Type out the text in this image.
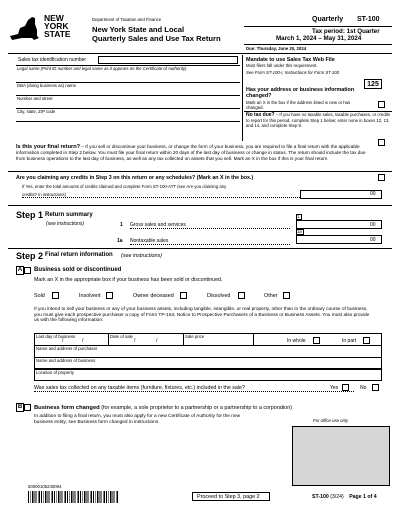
NEW
YORK
STATE
Department of Taxation and Finance
New York State and Local
Quarterly Sales and Use Tax Return
Quarterly ST-100
Tax period: 1st Quarter
March 1, 2024 – May 31, 2024
Due: Thursday, June 20, 2024
Sales tax identification number
Legal name (Print ID number and legal name as it appears on the Certificate of Authority)
DBA (doing business as) name
Number and street
City, state, ZIP code
Mandate to use Sales Tax Web File
Most filers fall under this requirement.
See Form ST-100-I, Instructions for Form ST-100
125
Has your address or business information changed?
Mark an X in the box if the address listed is new or has changed.
No tax due? – If you have no taxable sales, taxable purchases, or credits to report for this period, complete Step 1 below; enter none in boxes 12, 13, and 14, and complete Step 9.
Is this your final return? – If you sell or discontinue your business, or change the form of your business, you are required to file a final return with the applicable information completed in Step 2 below. You must file your final return within 20 days of the last day of business or change in status. The return should include the tax due from business operations to the last day of business, as well as any tax collected on assets that you sell. Mark an X in the box if this is your final return
Are you claiming any credits in Step 3 on this return or any schedules? (Mark an X in the box.)
If Yes, enter the total amounts of credits claimed and complete Form ST-100-ATT (see Are you claiming any
credits? in instructions)	00
Step 1 Return summary
(see instructions)	1 Gross sales and services
1
00
1a Nontaxable sales
1a
00
Step 2 Final return information (see instructions)
A	Business sold or discontinued
Mark an X in the appropriate box if your business has been sold or discontinued.
Sold	Insolvent	Owner deceased	Dissolved	Other
If you intend to sell your business or any of your business assets, including tangible, intangible, or real property, other than in the ordinary course of business, you must give each prospective purchaser a copy of Form TP-153, Notice to Prospective Purchasers of a Business or Business Assets. You must also provide us with the following information:
Last day of business	Date of sale	Sale price
/	/	/	/	In whole	In part
Name and address of purchaser
Name and address of business
Location of property
Was sales tax collected on any taxable items (furniture, fixtures, etc.) included in the sale?	Yes	No
B	Business form changed (for example, a sole proprietor to a partnership or a partnership to a corporation)
In addition to filing a final return, you must also apply for a new Certificate of Authority for the new business entity; see Business form changed in instructions.	For office use only
50000105240094
Proceed to Step 3, page 2	ST-100 (3/24) Page 1 of 4
